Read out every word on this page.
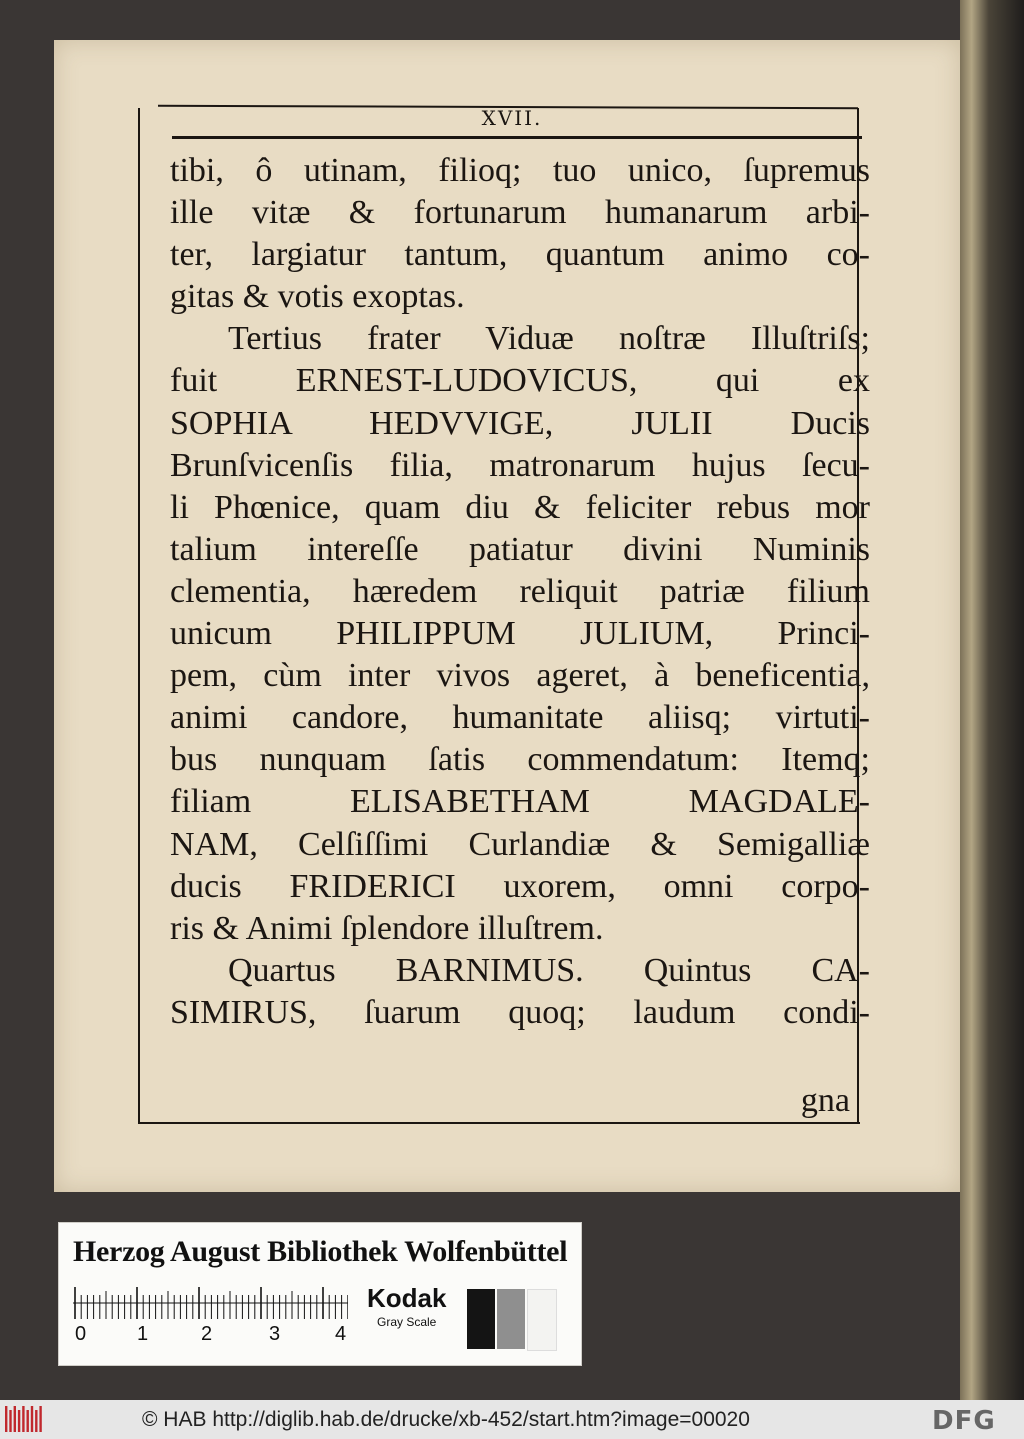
XVII.
tibi, ô utinam, filioq; tuo unico, ſupremus
ille vitæ & fortunarum humanarum arbi-
ter, largiatur tantum, quantum animo co-
gitas & votis exoptas.
Tertius frater Viduæ noſtræ Illuſtriſs;
fuit ERNEST-LUDOVICUS, qui ex
SOPHIA HEDVVIGE, JULII Ducis
Brunſvicenſis filia, matronarum hujus ſecu-
li Phœnice, quam diu & feliciter rebus mor
talium intereſſe patiatur divini Numinis
clementia, hæredem reliquit patriæ filium
unicum PHILIPPUM JULIUM, Princi-
pem, cùm inter vivos ageret, à beneficentia,
animi candore, humanitate aliisq; virtuti-
bus nunquam ſatis commendatum: Itemq;
filiam ELISABETHAM MAGDALE-
NAM, Celſiſſimi Curlandiæ & Semigalliæ
ducis FRIDERICI uxorem, omni corpo-
ris & Animi ſplendore illuſtrem.
Quartus BARNIMUS. Quintus CA-
SIMIRUS, ſuarum quoq; laudum condi-
gna
Herzog August Bibliothek Wolfenbüttel
0	1	2	3	4
Kodak
Gray Scale
© HAB http://diglib.hab.de/drucke/xb-452/start.htm?image=00020	DFG
